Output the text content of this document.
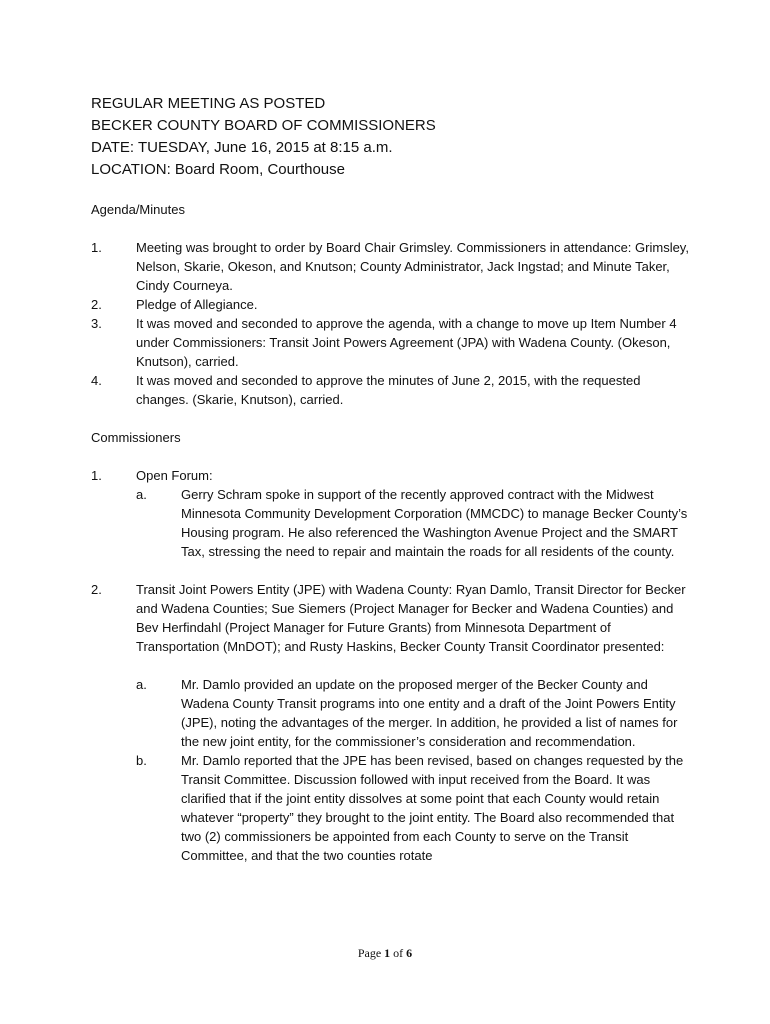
REGULAR MEETING AS POSTED

BECKER COUNTY BOARD OF COMMISSIONERS

DATE: TUESDAY, June 16, 2015 at 8:15 a.m.

LOCATION: Board Room, Courthouse

Agenda/Minutes

1.	Meeting was brought to order by Board Chair Grimsley. Commissioners in attendance: Grimsley, Nelson, Skarie, Okeson, and Knutson; County Administrator, Jack Ingstad; and Minute Taker, Cindy Courneya.
2.	Pledge of Allegiance.
3.	It was moved and seconded to approve the agenda, with a change to move up Item Number 4 under Commissioners: Transit Joint Powers Agreement (JPA) with Wadena County. (Okeson, Knutson), carried.
4.	It was moved and seconded to approve the minutes of June 2, 2015, with the requested changes. (Skarie, Knutson), carried.

Commissioners

1.	Open Forum:
a.	Gerry Schram spoke in support of the recently approved contract with the Midwest Minnesota Community Development Corporation (MMCDC) to manage Becker County’s Housing program. He also referenced the Washington Avenue Project and the SMART Tax, stressing the need to repair and maintain the roads for all residents of the county.
2.	Transit Joint Powers Entity (JPE) with Wadena County: Ryan Damlo, Transit Director for Becker and Wadena Counties; Sue Siemers (Project Manager for Becker and Wadena Counties) and Bev Herfindahl (Project Manager for Future Grants) from Minnesota Department of Transportation (MnDOT); and Rusty Haskins, Becker County Transit Coordinator presented:
a.	Mr. Damlo provided an update on the proposed merger of the Becker County and Wadena County Transit programs into one entity and a draft of the Joint Powers Entity (JPE), noting the advantages of the merger. In addition, he provided a list of names for the new joint entity, for the commissioner’s consideration and recommendation.
b.	Mr. Damlo reported that the JPE has been revised, based on changes requested by the Transit Committee. Discussion followed with input received from the Board. It was clarified that if the joint entity dissolves at some point that each County would retain whatever “property” they brought to the joint entity. The Board also recommended that two (2) commissioners be appointed from each County to serve on the Transit Committee, and that the two counties rotate
Page 1 of 6
